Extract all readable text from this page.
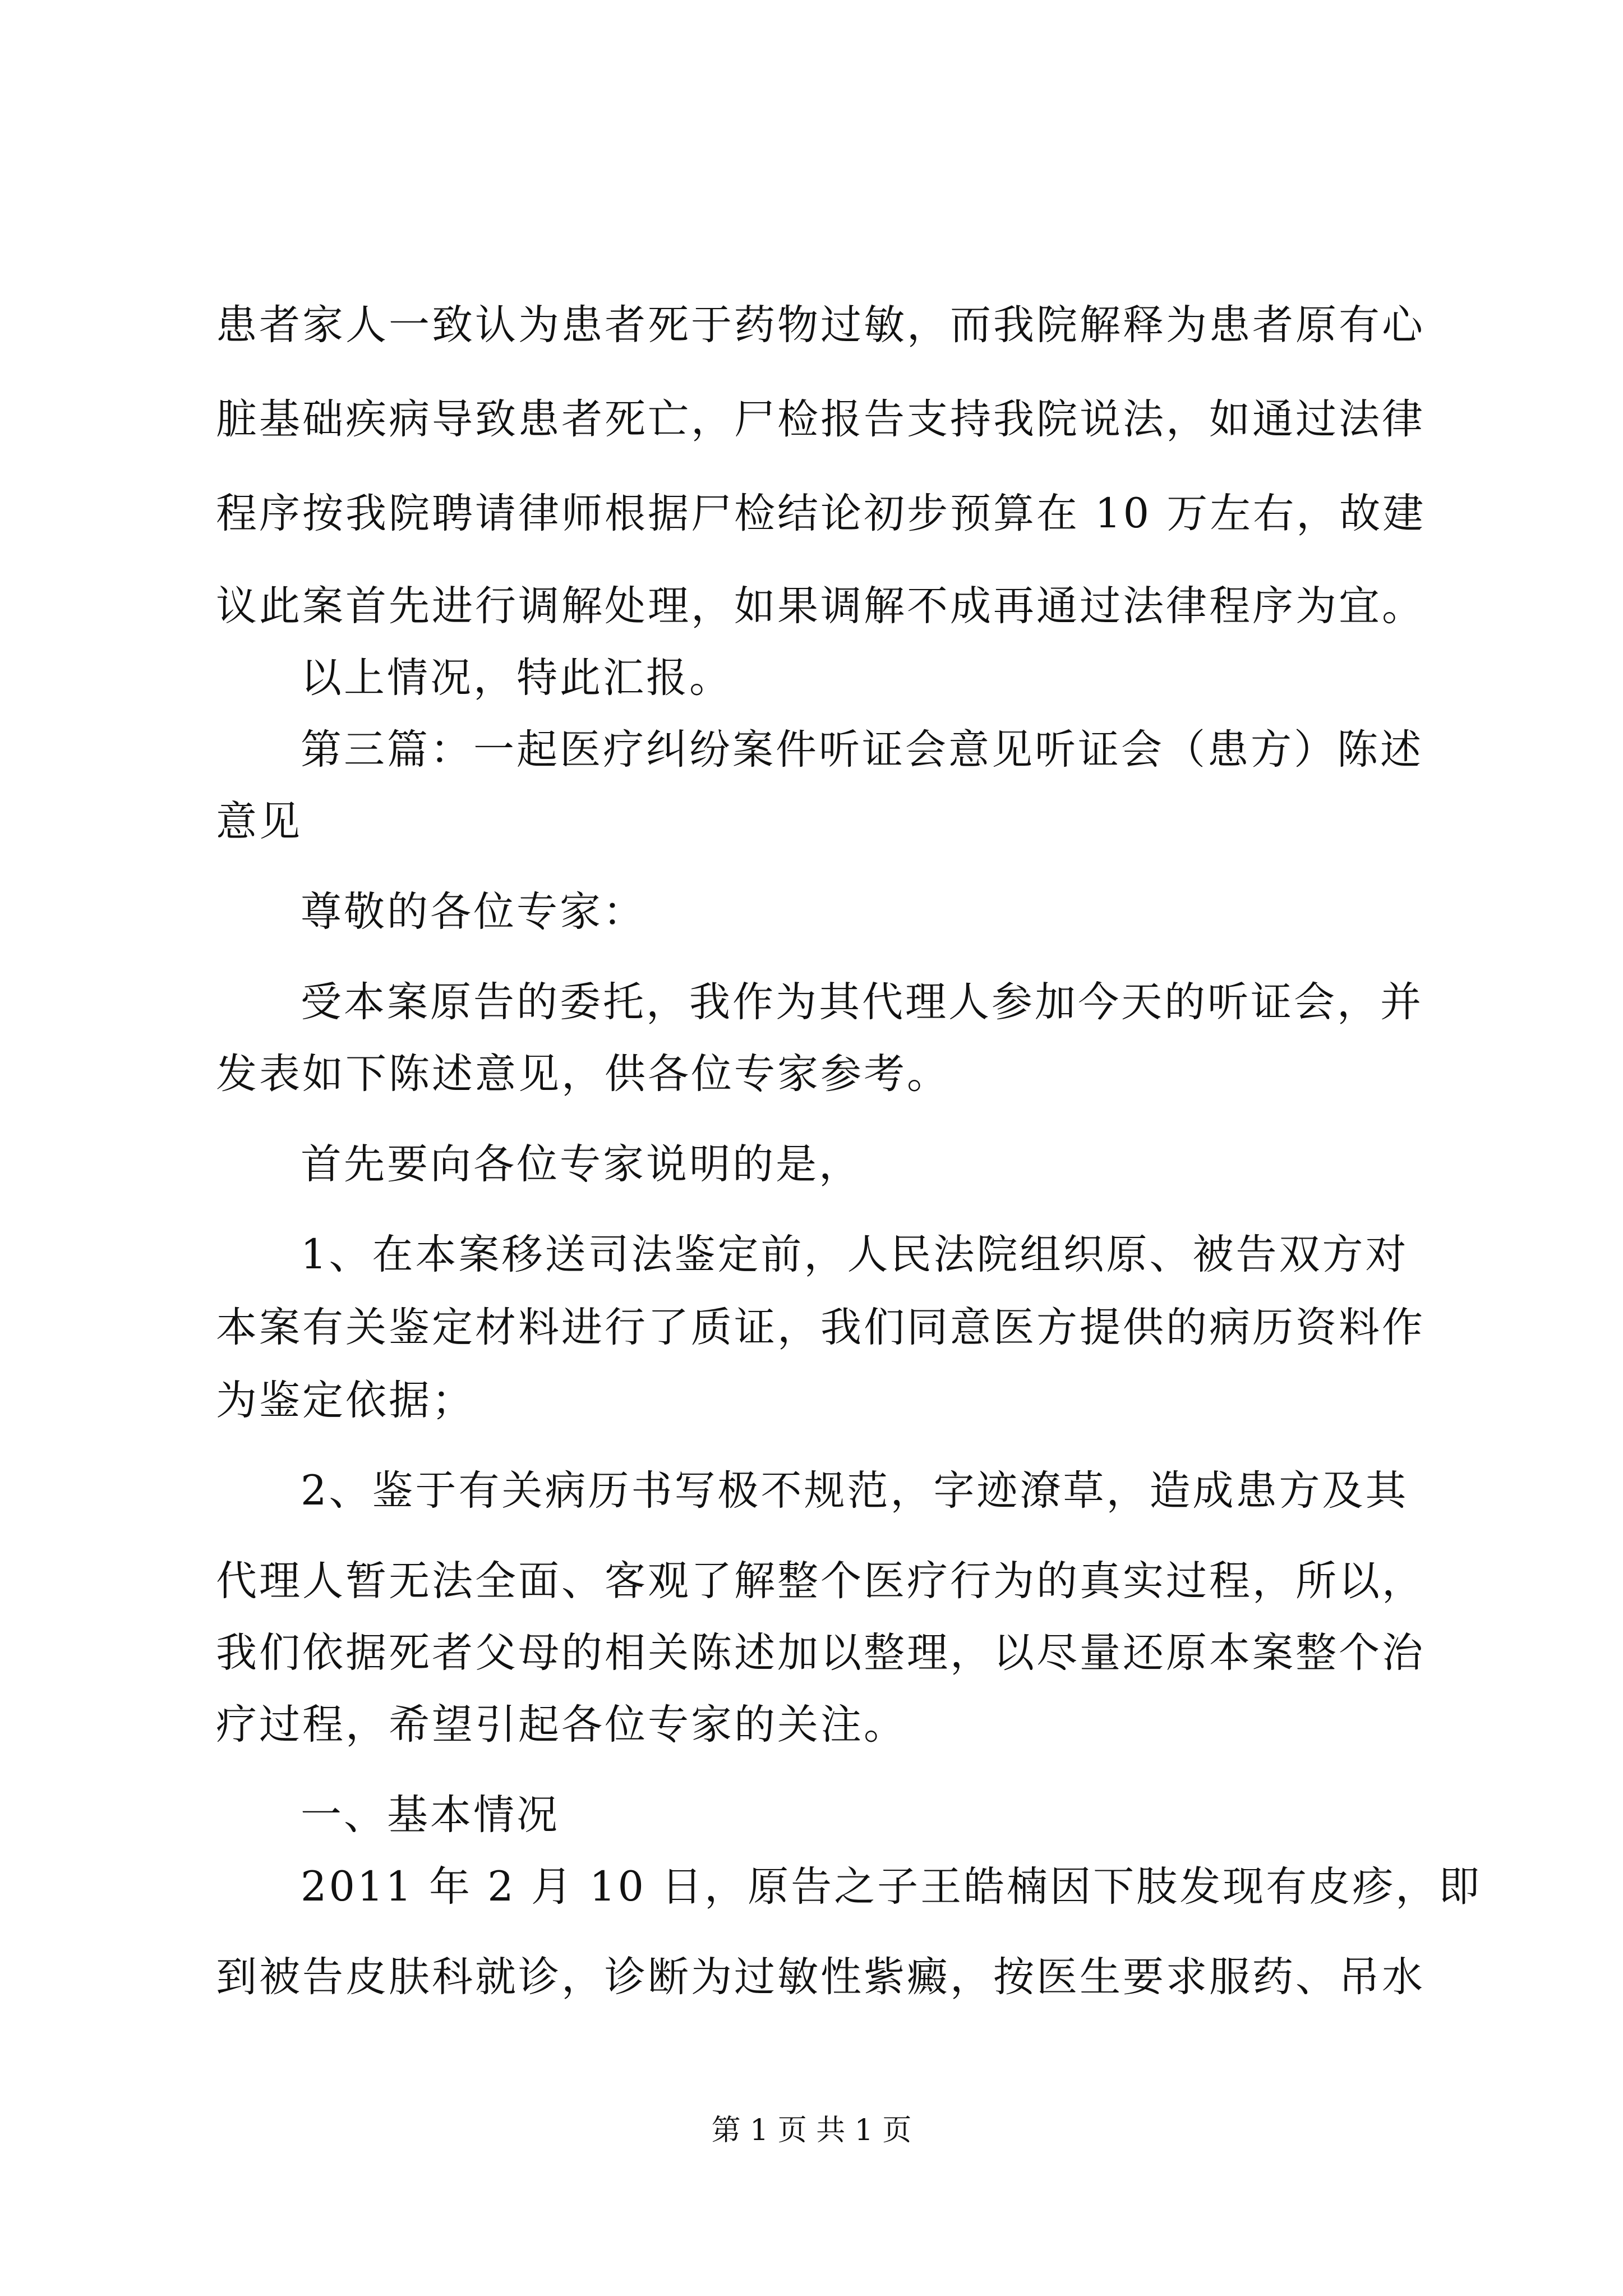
患者家人一致认为患者死于药物过敏，而我院解释为患者原有心
脏基础疾病导致患者死亡，尸检报告支持我院说法，如通过法律
程序按我院聘请律师根据尸检结论初步预算在 10 万左右，故建
议此案首先进行调解处理，如果调解不成再通过法律程序为宜。
以上情况，特此汇报。
第三篇：一起医疗纠纷案件听证会意见听证会（患方）陈述
意见
尊敬的各位专家：
受本案原告的委托，我作为其代理人参加今天的听证会，并
发表如下陈述意见，供各位专家参考。
首先要向各位专家说明的是，
1、在本案移送司法鉴定前，人民法院组织原、被告双方对
本案有关鉴定材料进行了质证，我们同意医方提供的病历资料作
为鉴定依据；
2、鉴于有关病历书写极不规范，字迹潦草，造成患方及其
代理人暂无法全面、客观了解整个医疗行为的真实过程，所以，
我们依据死者父母的相关陈述加以整理，以尽量还原本案整个治
疗过程，希望引起各位专家的关注。
一、基本情况
2011 年 2 月 10 日，原告之子王皓楠因下肢发现有皮疹，即
到被告皮肤科就诊，诊断为过敏性紫癜，按医生要求服药、吊水
第 1 页 共 1 页
